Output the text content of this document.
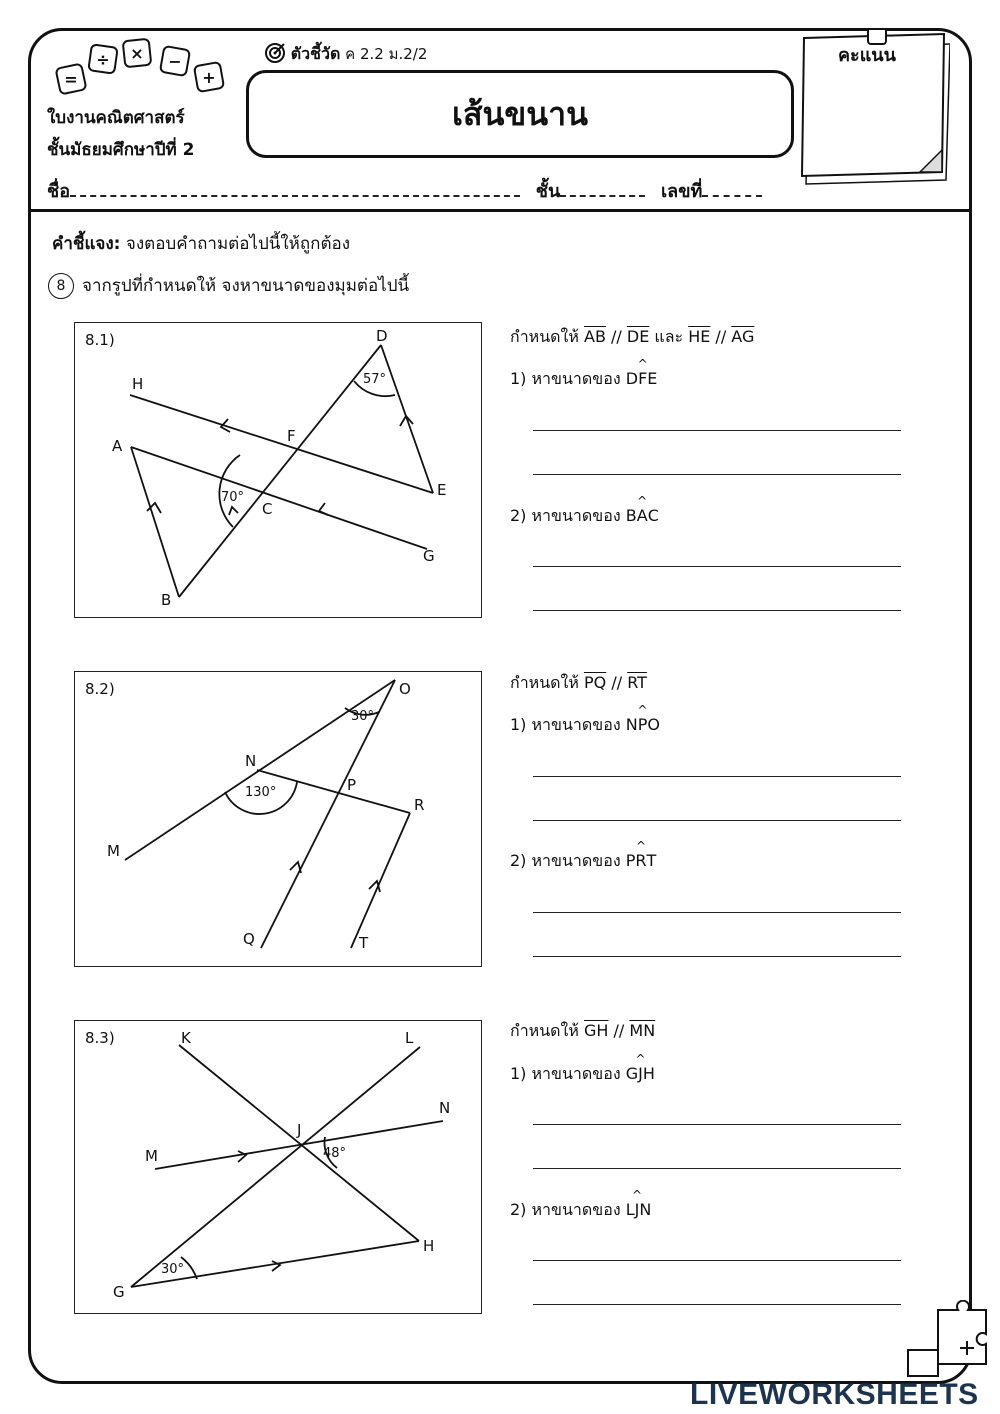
=
÷ × −
+
ใบงานคณิตศาสตร์
ชั้นมัธยมศึกษาปีที่ 2
ตัวชี้วัด ค 2.2 ม.2/2
เส้นขนาน
คะแนน
ชื่อ	ชั้น	เลขที่
คำชี้แจง: จงตอบคำถามต่อไปนี้ให้ถูกต้อง
8 จากรูปที่กำหนดให้ จงหาขนาดของมุมต่อไปนี้
8.1)	D
H
F
A
E
C
G
B
57°
70°
กำหนดให้ $\overline{AB} // \overline{DE}$ และ $\overline{HE} // \overline{AG}$
1) หาขนาดของ D^ FE
2) หาขนาดของ B^ AC
8.2)	O
N
P
R
M
Q	T
30°
130°
กำหนดให้ $\overline{PQ} // \overline{RT}$
1) หาขนาดของ N^ PO
2) หาขนาดของ P^ RT
8.3)	K	L
N
J
M
H
G
48°
30°
กำหนดให้ $\overline{GH} // \overline{MN}$
1) หาขนาดของ G^ JH
2) หาขนาดของ L^ JN
LIVEWORKSHEETS
